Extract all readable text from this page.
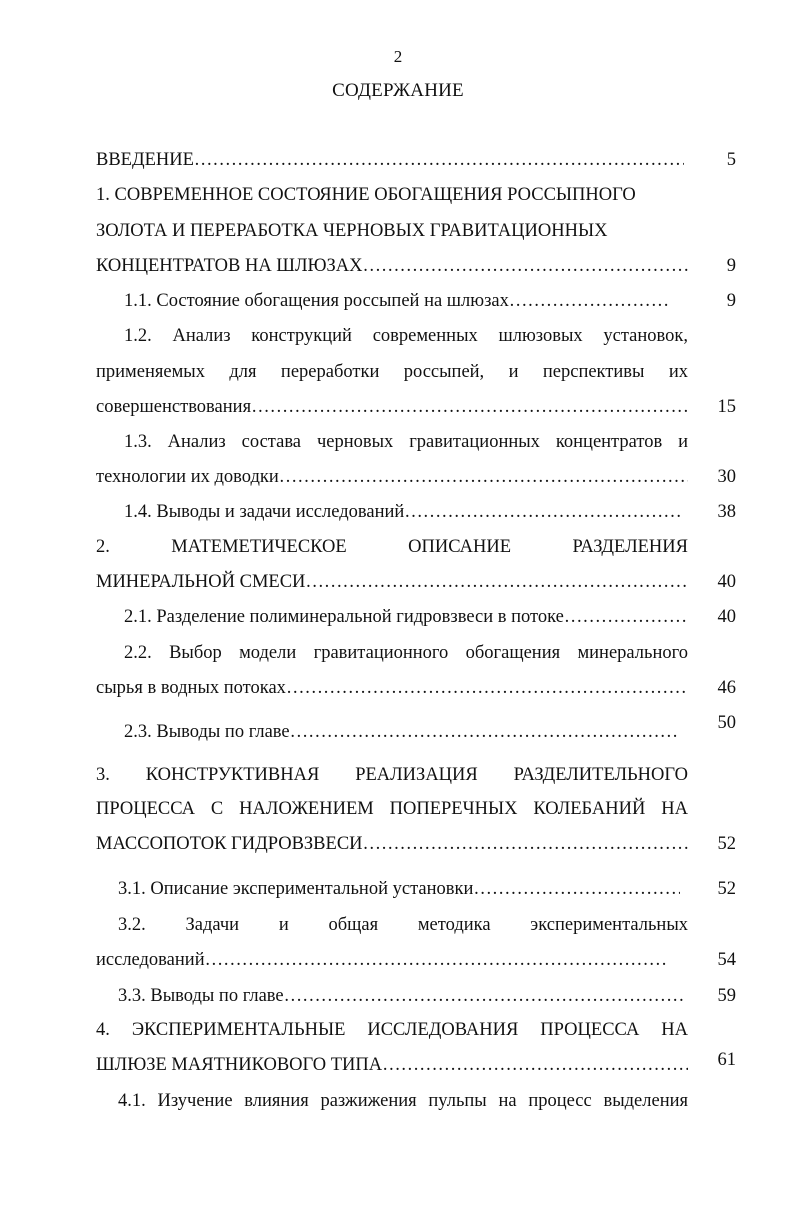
2
СОДЕРЖАНИЕ
ВВЕДЕНИЕ ……………………………………………………………………………………………………………………………………………………	5
1. СОВРЕМЕННОЕ СОСТОЯНИЕ ОБОГАЩЕНИЯ РОССЫПНОГО
ЗОЛОТА И ПЕРЕРАБОТКА ЧЕРНОВЫХ ГРАВИТАЦИОННЫХ
КОНЦЕНТРАТОВ НА ШЛЮЗАХ ……………………………………………………………………………………………………………………………………………………	9
1.1. Состояние обогащения россыпей на шлюзах ……………………………………………………………………………………………………………………………………………………	9
1.2. Анализ конструкций современных шлюзовых установок,
применяемых для переработки россыпей, и перспективы их
совершенствования ……………………………………………………………………………………………………………………………………………………	15
1.3. Анализ состава черновых гравитационных концентратов и
технологии их доводки ……………………………………………………………………………………………………………………………………………………	30
1.4. Выводы и задачи исследований ……………………………………………………………………………………………………………………………………………………	38
2. МАТЕМЕТИЧЕСКОЕ ОПИСАНИЕ РАЗДЕЛЕНИЯ
МИНЕРАЛЬНОЙ СМЕСИ ……………………………………………………………………………………………………………………………………………………	40
2.1. Разделение полиминеральной гидровзвеси в потоке ……………………………………………………………………………………………………………………………………………………	40
2.2. Выбор модели гравитационного обогащения минерального
сырья в водных потоках ……………………………………………………………………………………………………………………………………………………	46
2.3. Выводы по главе ……………………………………………………………………………………………………………………………………………………	50
3. КОНСТРУКТИВНАЯ РЕАЛИЗАЦИЯ РАЗДЕЛИТЕЛЬНОГО
ПРОЦЕССА С НАЛОЖЕНИЕМ ПОПЕРЕЧНЫХ КОЛЕБАНИЙ НА
МАССОПОТОК ГИДРОВЗВЕСИ ……………………………………………………………………………………………………………………………………………………	52
3.1. Описание экспериментальной установки ……………………………………………………………………………………………………………………………………………………	52
3.2. Задачи и общая методика экспериментальных
исследований ……………………………………………………………………………………………………………………………………………………	54
3.3. Выводы по главе ……………………………………………………………………………………………………………………………………………………	59
4. ЭКСПЕРИМЕНТАЛЬНЫЕ ИССЛЕДОВАНИЯ ПРОЦЕССА НА
ШЛЮЗЕ МАЯТНИКОВОГО ТИПА ……………………………………………………………………………………………………………………………………………………	61
4.1. Изучение влияния разжижения пульпы на процесс выделения
